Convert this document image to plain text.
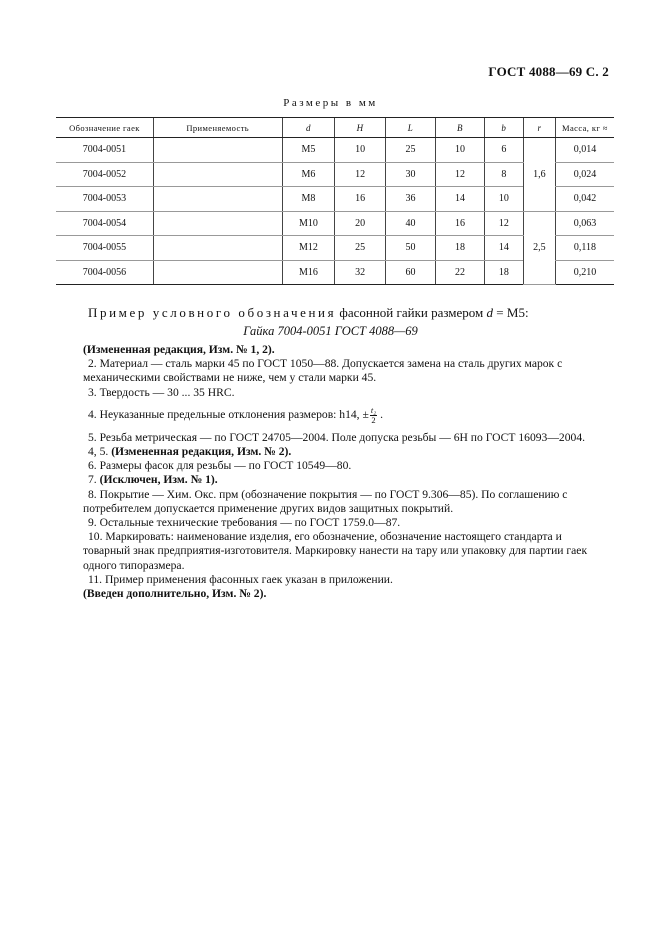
ГОСТ 4088—69 С. 2
Размеры в мм
Обозначение гаек	Применяемость	d	H	L	B	b	r	Масса, кг ≈
7004-0051		M5	10	25	10	6	1,6	0,014
7004-0052		M6	12	30	12	8		0,024
7004-0053		M8	16	36	14	10		0,042
7004-0054		M10	20	40	16	12	2,5	0,063
7004-0055		M12	25	50	18	14		0,118
7004-0056		M16	32	60	22	18		0,210
Пример условного обозначения фасонной гайки размером d = M5:
Гайка 7004-0051 ГОСТ 4088—69

(Измененная редакция, Изм. № 1, 2).

2. Материал — сталь марки 45 по ГОСТ 1050—88. Допускается замена на сталь других марок с

механическими свойствами не ниже, чем у стали марки 45.

3. Твердость — 30 ... 35 HRC.

4. Неуказанные предельные отклонения размеров: h14, ± $\frac{\text{t₂}}{2}$ .

5. Резьба метрическая — по ГОСТ 24705—2004. Поле допуска резьбы — 6H по ГОСТ 16093—2004.

4, 5. (Измененная редакция, Изм. № 2).

6. Размеры фасок для резьбы — по ГОСТ 10549—80.

7. (Исключен, Изм. № 1).

8. Покрытие — Хим. Окс. прм (обозначение покрытия — по ГОСТ 9.306—85). По соглашению с

потребителем допускается применение других видов защитных покрытий.

9. Остальные технические требования — по ГОСТ 1759.0—87.

10. Маркировать: наименование изделия, его обозначение, обозначение настоящего стандарта и

товарный знак предприятия-изготовителя. Маркировку нанести на тару или упаковку для партии гаек

одного типоразмера.

11. Пример применения фасонных гаек указан в приложении.

(Введен дополнительно, Изм. № 2).
